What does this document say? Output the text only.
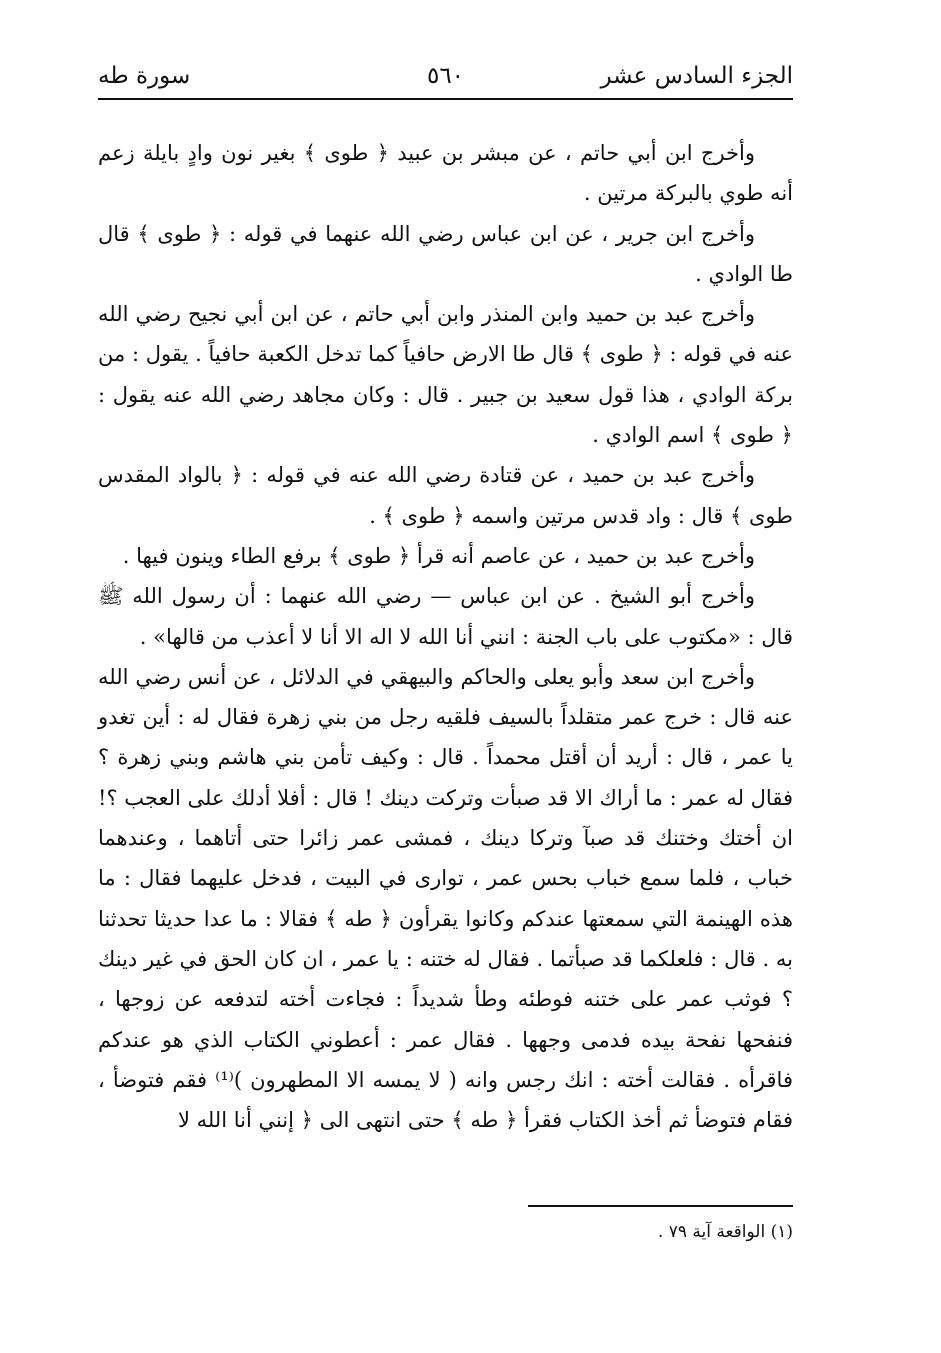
الجزء السادس عشر
٥٦٠
سورة طه

وأخرج ابن أبي حاتم ، عن مبشر بن عبيد ﴿ طوى ﴾ بغير نون وادٍ بايلة زعم أنه طوي بالبركة مرتين .

وأخرج ابن جرير ، عن ابن عباس رضي الله عنهما في قوله : ﴿ طوى ﴾ قال طا الوادي .

وأخرج عبد بن حميد وابن المنذر وابن أبي حاتم ، عن ابن أبي نجيح رضي الله عنه في قوله : ﴿ طوى ﴾ قال طا الارض حافياً كما تدخل الكعبة حافياً . يقول : من بركة الوادي ، هذا قول سعيد بن جبير . قال : وكان مجاهد رضي الله عنه يقول : ﴿ طوى ﴾ اسم الوادي .

وأخرج عبد بن حميد ، عن قتادة رضي الله عنه في قوله : ﴿ بالواد المقدس طوى ﴾ قال : واد قدس مرتين واسمه ﴿ طوى ﴾ .

وأخرج عبد بن حميد ، عن عاصم أنه قرأ ﴿ طوى ﴾ برفع الطاء وينون فيها .

وأخرج أبو الشيخ . عن ابن عباس — رضي الله عنهما : أن رسول الله ﷺ قال : «مكتوب على باب الجنة : انني أنا الله لا اله الا أنا لا أعذب من قالها» .

وأخرج ابن سعد وأبو يعلى والحاكم والبيهقي في الدلائل ، عن أنس رضي الله عنه قال : خرج عمر متقلداً بالسيف فلقيه رجل من بني زهرة فقال له : أين تغدو يا عمر ، قال : أريد أن أقتل محمداً . قال : وكيف تأمن بني هاشم وبني زهرة ؟ فقال له عمر : ما أراك الا قد صبأت وتركت دينك ! قال : أفلا أدلك على العجب ؟! ان أختك وختنك قد صبآ وتركا دينك ، فمشى عمر زائرا حتى أتاهما ، وعندهما خباب ، فلما سمع خباب بحس عمر ، توارى في البيت ، فدخل عليهما فقال : ما هذه الهينمة التي سمعتها عندكم وكانوا يقرأون ﴿ طه ﴾ فقالا : ما عدا حديثا تحدثنا به . قال : فلعلكما قد صبأتما . فقال له ختنه : يا عمر ، ان كان الحق في غير دينك ؟ فوثب عمر على ختنه فوطئه وطأ شديداً : فجاءت أخته لتدفعه عن زوجها ، فنفحها نفحة بيده فدمى وجهها . فقال عمر : أعطوني الكتاب الذي هو عندكم فاقرأه . فقالت أخته : انك رجس وانه ( لا يمسه الا المطهرون )⁽¹⁾ فقم فتوضأ ، فقام فتوضأ ثم أخذ الكتاب فقرأ ﴿ طه ﴾ حتى انتهى الى ﴿ إنني أنا الله لا

(١) الواقعة آية ٧٩ .
